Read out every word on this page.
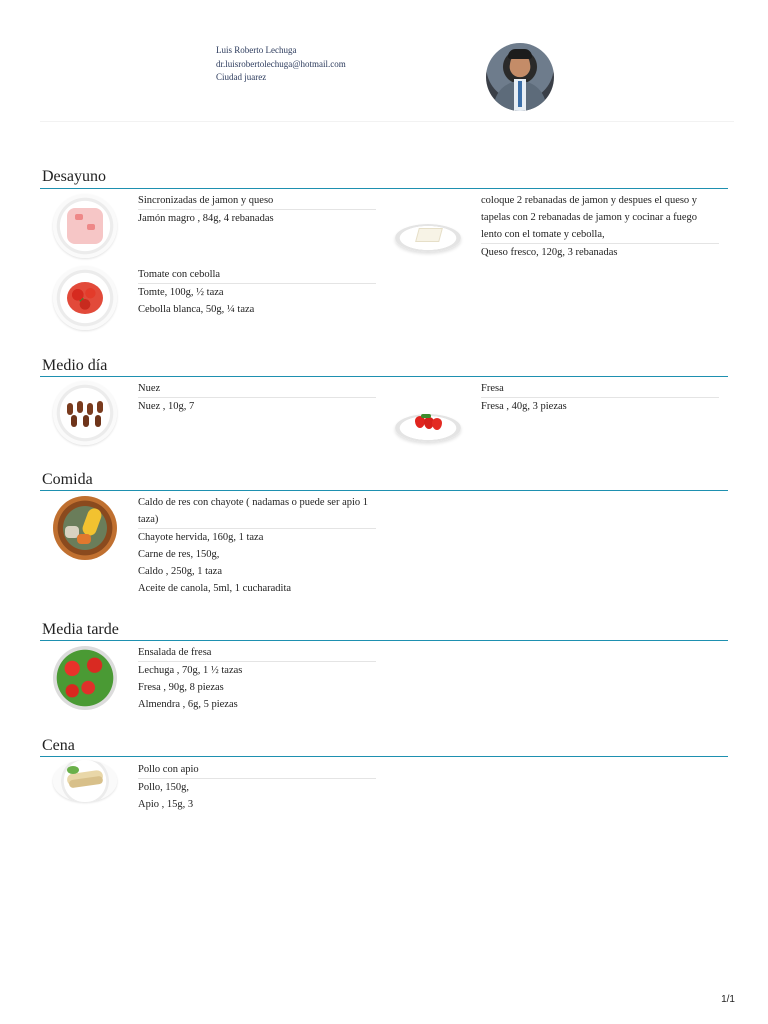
Luis Roberto Lechuga
dr.luisrobertolechuga@hotmail.com
Ciudad juarez
Desayuno
Sincronizadas de jamon y queso
Jamón magro , 84g, 4 rebanadas
coloque 2 rebanadas de jamon y despues el queso y tapelas con 2 rebanadas de jamon y cocinar a fuego lento con el tomate y cebolla,
Queso fresco, 120g, 3 rebanadas
Tomate con cebolla
Tomte, 100g, ½ taza
Cebolla blanca, 50g, ¼ taza
Medio día
Nuez
Nuez , 10g, 7
Fresa
Fresa , 40g, 3 piezas
Comida
Caldo de res con chayote ( nadamas o puede ser apio 1 taza)
Chayote hervida, 160g, 1 taza
Carne de res, 150g,
Caldo , 250g, 1 taza
Aceite de canola, 5ml, 1 cucharadita
Media tarde
Ensalada de fresa
Lechuga , 70g, 1 ½ tazas
Fresa , 90g, 8 piezas
Almendra , 6g, 5 piezas
Cena
Pollo con apio
Pollo, 150g,
Apio , 15g, 3
1/1
